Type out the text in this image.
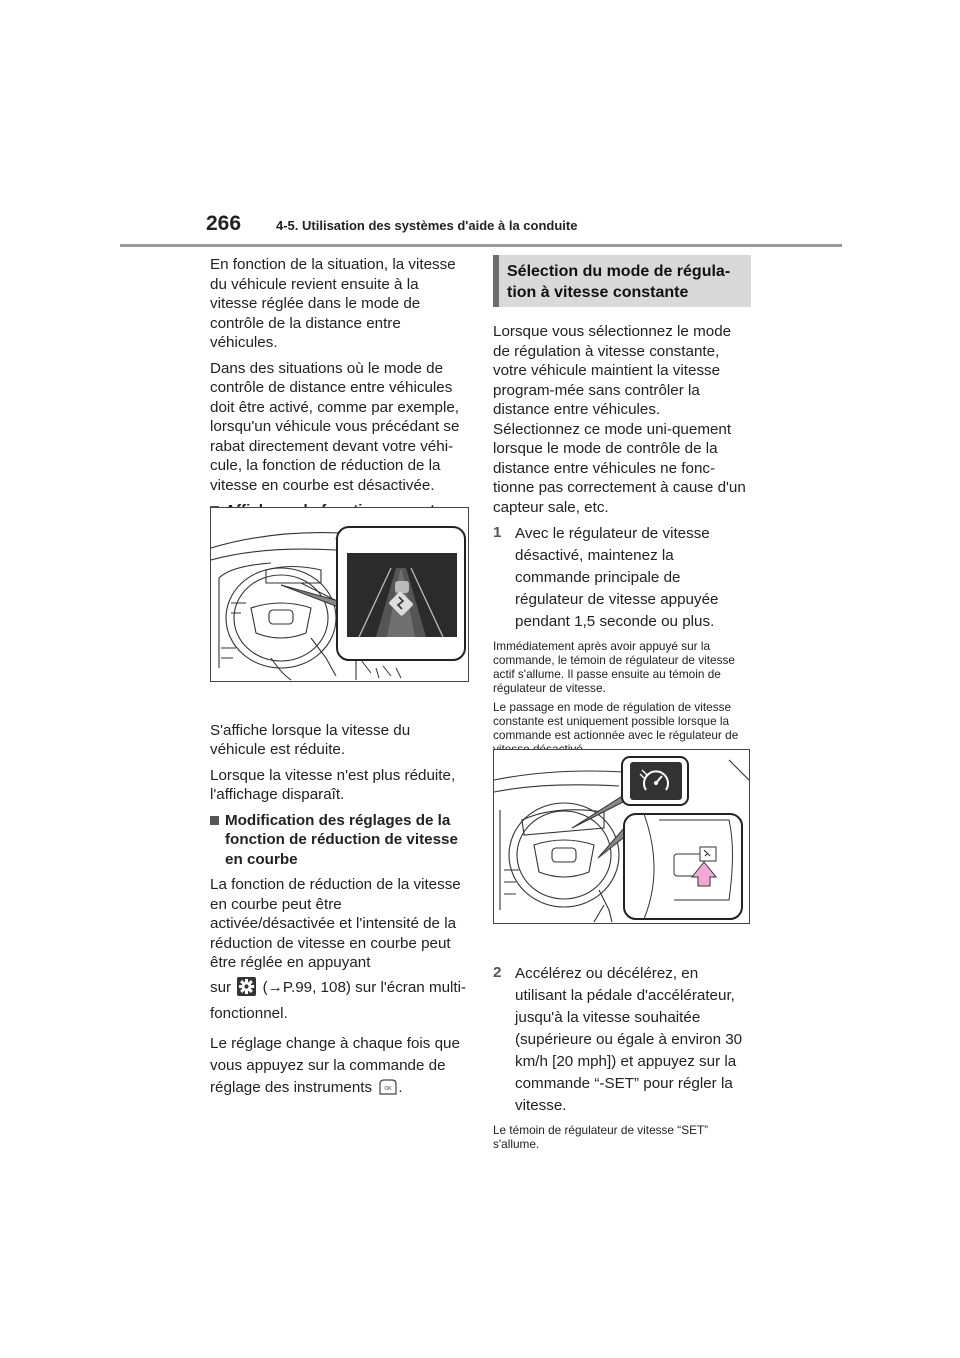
266	4-5. Utilisation des systèmes d'aide à la conduite

En fonction de la situation, la vitesse du véhicule revient ensuite à la vitesse réglée dans le mode de contrôle de la distance entre véhicules.

Dans des situations où le mode de contrôle de distance entre véhicules doit être activé, comme par exemple, lorsqu'un véhicule vous précédant se rabat directement devant votre véhi-cule, la fonction de réduction de la vitesse en courbe est désactivée.

S'affiche lorsque la vitesse du véhicule est réduite.

Lorsque la vitesse n'est plus réduite, l'affichage disparaît.

Modification des réglages de la fonction de réduction de vitesse en courbe

La fonction de réduction de la vitesse en courbe peut être activée/désactivée et l'intensité de la réduction de vitesse en courbe peut être réglée en appuyant

sur (→P.99, 108) sur l'écran multi-fonctionnel.

Le réglage change à chaque fois que vous appuyez sur la commande de réglage des instruments	OK .

Sélection du mode de régula-tion à vitesse constante

Lorsque vous sélectionnez le mode de régulation à vitesse constante, votre véhicule maintient la vitesse program-mée sans contrôler la distance entre véhicules. Sélectionnez ce mode uni-quement lorsque le mode de contrôle de la distance entre véhicules ne fonc-tionne pas correctement à cause d'un capteur sale, etc.

1 Avec le régulateur de vitesse désactivé, maintenez la commande principale de régulateur de vitesse appuyée pendant 1,5 seconde ou plus.

Immédiatement après avoir appuyé sur la commande, le témoin de régulateur de vitesse actif s'allume. Il passe ensuite au témoin de régulateur de vitesse.

Le passage en mode de régulation de vitesse constante est uniquement possible lorsque la commande est actionnée avec le régulateur de

2 Accélérez ou décélérez, en utilisant la pédale d'accélérateur, jusqu'à la vitesse souhaitée (supérieure ou égale à environ 30 km/h [20 mph]) et appuyez sur la commande “-SET” pour régler la vitesse.

Le témoin de régulateur de vitesse “SET” s'allume.
